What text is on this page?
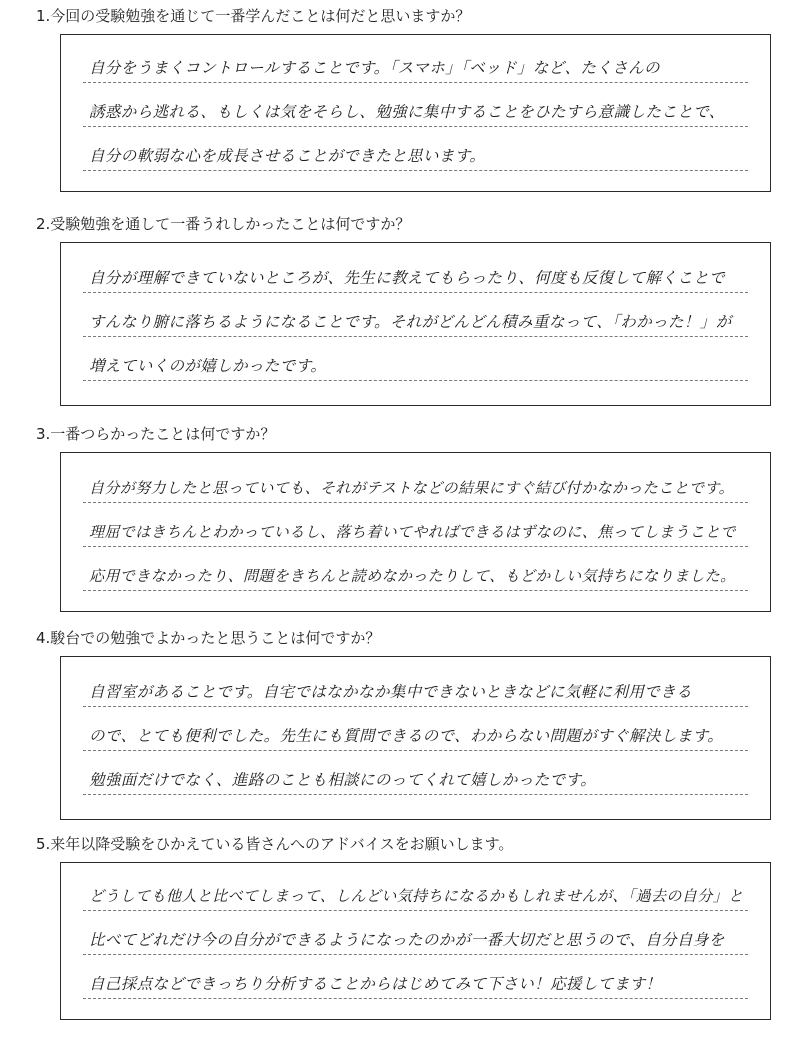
1.今回の受験勉強を通じて一番学んだことは何だと思いますか？
自分をうまくコントロールすることです。「スマホ」「ベッド」など、たくさんの
誘惑から逃れる、もしくは気をそらし、勉強に集中することをひたすら意識したことで、
自分の軟弱な心を成長させることができたと思います。
2.受験勉強を通して一番うれしかったことは何ですか？
自分が理解できていないところが、先生に教えてもらったり、何度も反復して解くことで
すんなり腑に落ちるようになることです。それがどんどん積み重なって、「わかった！」が
増えていくのが嬉しかったです。
3.一番つらかったことは何ですか？
自分が努力したと思っていても、それがテストなどの結果にすぐ結び付かなかったことです。
理屈ではきちんとわかっているし、落ち着いてやればできるはずなのに、焦ってしまうことで
応用できなかったり、問題をきちんと読めなかったりして、もどかしい気持ちになりました。
4.駿台での勉強でよかったと思うことは何ですか？
自習室があることです。自宅ではなかなか集中できないときなどに気軽に利用できる
ので、とても便利でした。先生にも質問できるので、わからない問題がすぐ解決します。
勉強面だけでなく、進路のことも相談にのってくれて嬉しかったです。
5.来年以降受験をひかえている皆さんへのアドバイスをお願いします。
どうしても他人と比べてしまって、しんどい気持ちになるかもしれませんが、「過去の自分」と
比べてどれだけ今の自分ができるようになったのかが一番大切だと思うので、自分自身を
自己採点などできっちり分析することからはじめてみて下さい！応援してます！
